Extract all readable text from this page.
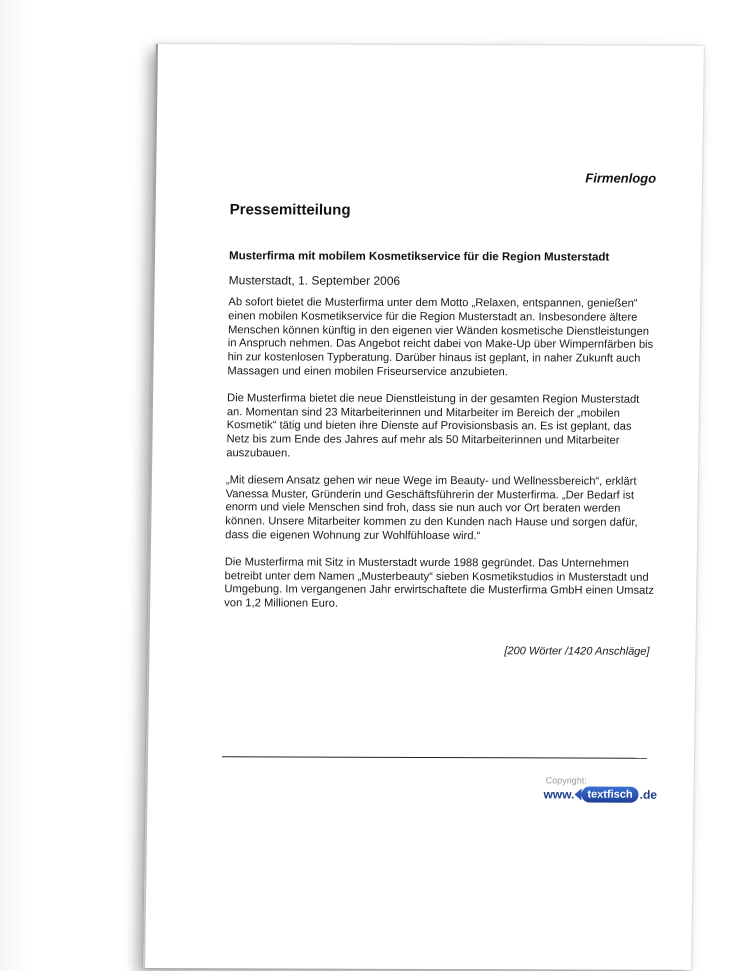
Firmenlogo
Pressemitteilung
Musterfirma mit mobilem Kosmetikservice für die Region Musterstadt
Musterstadt, 1. September 2006

Ab sofort bietet die Musterfirma unter dem Motto „Relaxen, entspannen, genießen“ einen mobilen Kosmetikservice für die Region Musterstadt an. Insbesondere ältere Menschen können künftig in den eigenen vier Wänden kosmetische Dienstleistungen in Anspruch nehmen. Das Angebot reicht dabei von Make-Up über Wimpernfärben bis hin zur kostenlosen Typberatung. Darüber hinaus ist geplant, in naher Zukunft auch Massagen und einen mobilen Friseurservice anzubieten.

Die Musterfirma bietet die neue Dienstleistung in der gesamten Region Musterstadt an. Momentan sind 23 Mitarbeiterinnen und Mitarbeiter im Bereich der „mobilen Kosmetik“ tätig und bieten ihre Dienste auf Provisionsbasis an. Es ist geplant, das Netz bis zum Ende des Jahres auf mehr als 50 Mitarbeiterinnen und Mitarbeiter auszubauen.

„Mit diesem Ansatz gehen wir neue Wege im Beauty- und Wellnessbereich“, erklärt Vanessa Muster, Gründerin und Geschäftsführerin der Musterfirma. „Der Bedarf ist enorm und viele Menschen sind froh, dass sie nun auch vor Ort beraten werden können. Unsere Mitarbeiter kommen zu den Kunden nach Hause und sorgen dafür, dass die eigenen Wohnung zur Wohlfühloase wird.“

Die Musterfirma mit Sitz in Musterstadt wurde 1988 gegründet. Das Unternehmen betreibt unter dem Namen „Musterbeauty“ sieben Kosmetikstudios in Musterstadt und Umgebung. Im vergangenen Jahr erwirtschaftete die Musterfirma GmbH einen Umsatz von 1,2 Millionen Euro.

[200 Wörter /1420 Anschläge]
Copyright:
www.	textfisch .de
